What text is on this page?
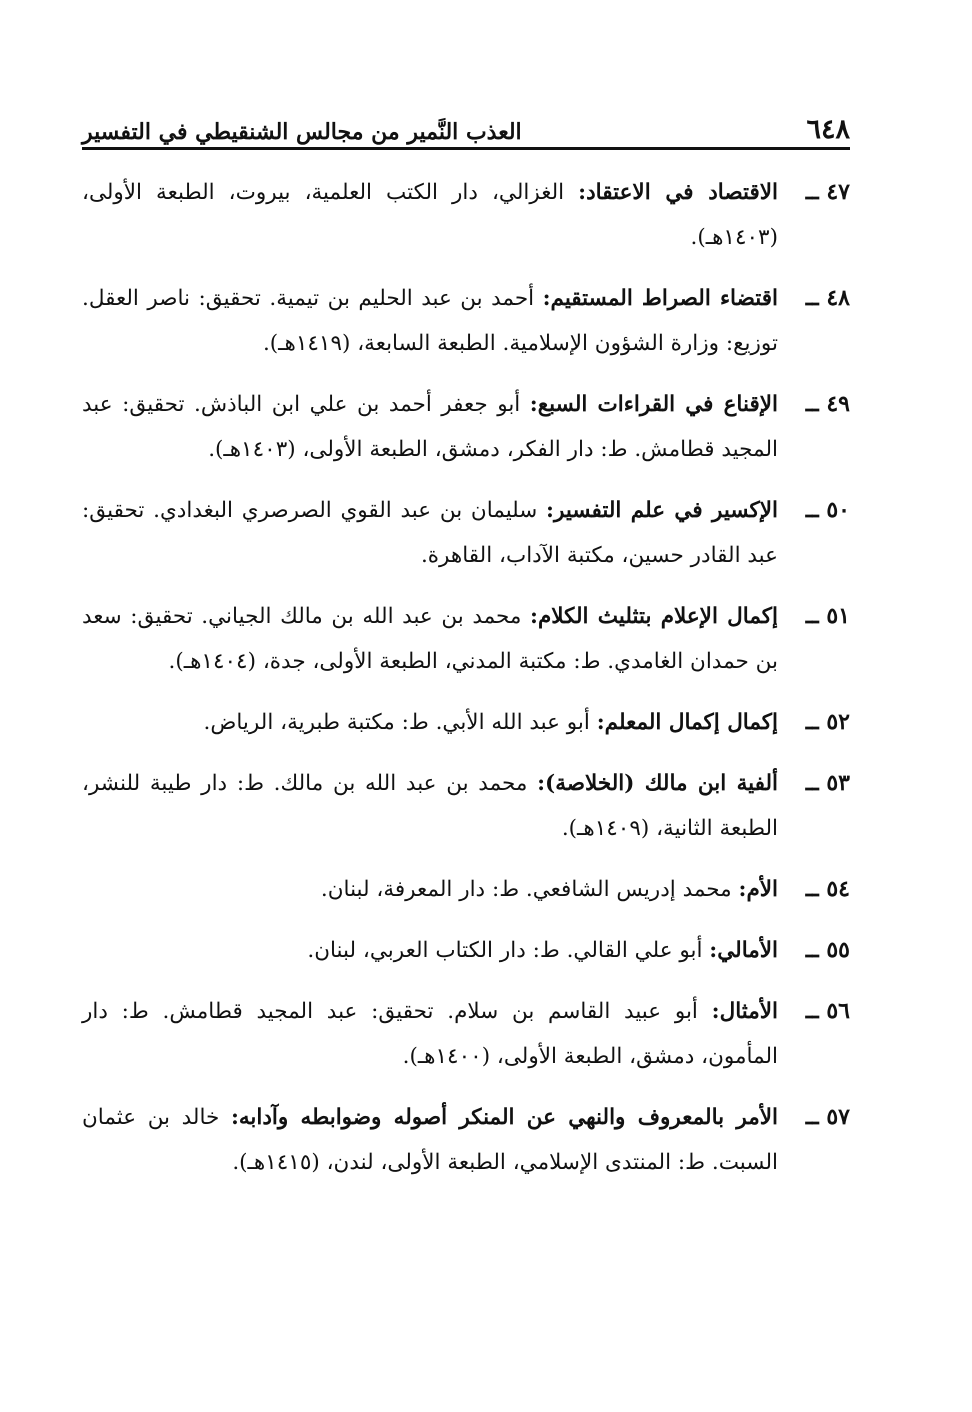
٦٤٨
العذب النَّمير من مجالس الشنقيطي في التفسير
٤٧ ــ
الاقتصاد في الاعتقاد: الغزالي، دار الكتب العلمية، بيروت، الطبعة الأولى، (١٤٠٣هـ).
٤٨ ــ
اقتضاء الصراط المستقيم: أحمد بن عبد الحليم بن تيمية. تحقيق: ناصر العقل. توزيع: وزارة الشؤون الإسلامية. الطبعة السابعة، (١٤١٩هـ).
٤٩ ــ
الإقناع في القراءات السبع: أبو جعفر أحمد بن علي ابن الباذش. تحقيق: عبد المجيد قطامش. ط: دار الفكر، دمشق، الطبعة الأولى، (١٤٠٣هـ).
٥٠ ــ
الإكسير في علم التفسير: سليمان بن عبد القوي الصرصري البغدادي. تحقيق: عبد القادر حسين، مكتبة الآداب، القاهرة.
٥١ ــ
إكمال الإعلام بتثليث الكلام: محمد بن عبد الله بن مالك الجياني. تحقيق: سعد بن حمدان الغامدي. ط: مكتبة المدني، الطبعة الأولى، جدة، (١٤٠٤هـ).
٥٢ ــ
إكمال إكمال المعلم: أبو عبد الله الأبي. ط: مكتبة طبرية، الرياض.
٥٣ ــ
ألفية ابن مالك (الخلاصة): محمد بن عبد الله بن مالك. ط: دار طيبة للنشر، الطبعة الثانية، (١٤٠٩هـ).
٥٤ ــ
الأم: محمد إدريس الشافعي. ط: دار المعرفة، لبنان.
٥٥ ــ
الأمالي: أبو علي القالي. ط: دار الكتاب العربي، لبنان.
٥٦ ــ
الأمثال: أبو عبيد القاسم بن سلام. تحقيق: عبد المجيد قطامش. ط: دار المأمون، دمشق، الطبعة الأولى، (١٤٠٠هـ).
٥٧ ــ
الأمر بالمعروف والنهي عن المنكر أصوله وضوابطه وآدابه: خالد بن عثمان السبت. ط: المنتدى الإسلامي، الطبعة الأولى، لندن، (١٤١٥هـ).
